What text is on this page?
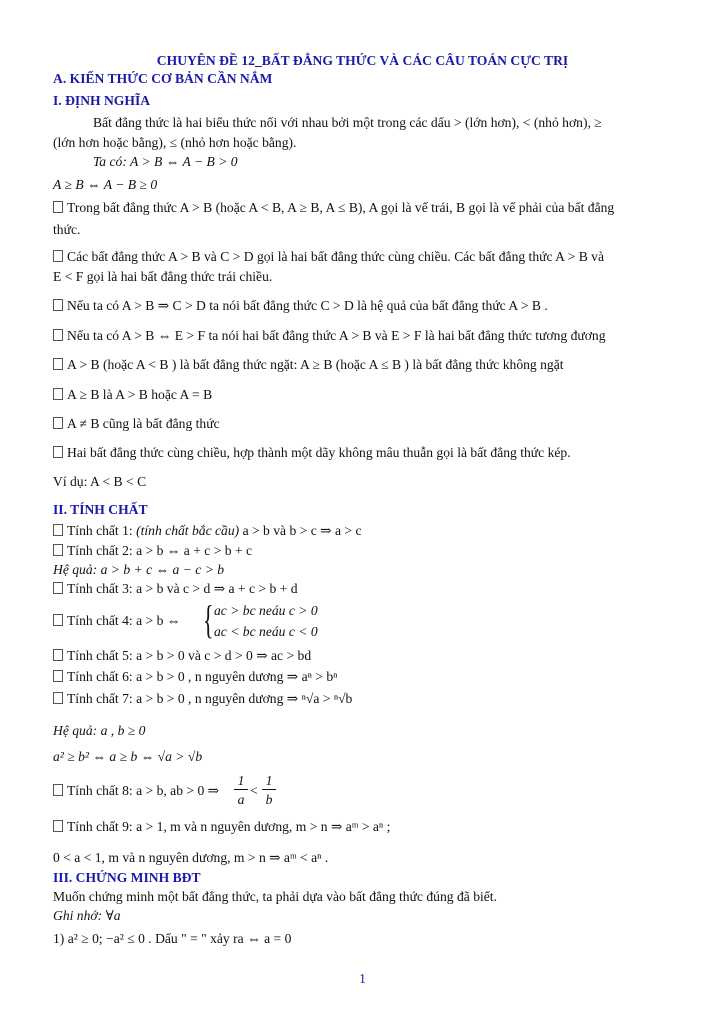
CHUYÊN ĐỀ 12_BẤT ĐẲNG THỨC VÀ CÁC CÂU TOÁN CỰC TRỊ
A. KIẾN THỨC CƠ BẢN CẦN NẮM
I. ĐỊNH NGHĨA
Bất đẳng thức là hai biểu thức nối với nhau bởi một trong các dấu > (lớn hơn), < (nhỏ hơn), ≥
(lớn hơn hoặc bằng), ≤ (nhỏ hơn hoặc bằng).
Ta có: A > B ⇔ A − B > 0
A ≥ B ⇔ A − B ≥ 0
Trong bất đẳng thức A > B (hoặc A < B, A ≥ B, A ≤ B), A gọi là vế trái, B gọi là vế phải của bất đẳng
thức.
Các bất đẳng thức A > B và C > D gọi là hai bất đẳng thức cùng chiều. Các bất đẳng thức A > B và
E < F gọi là hai bất đẳng thức trái chiều.
Nếu ta có A > B ⇒ C > D ta nói bất đẳng thức C > D là hệ quả của bất đẳng thức A > B .
Nếu ta có A > B ⇔ E > F ta nói hai bất đẳng thức A > B và E > F là hai bất đẳng thức tương đương
A > B (hoặc A < B ) là bất đẳng thức ngặt: A ≥ B (hoặc A ≤ B ) là bất đẳng thức không ngặt
A ≥ B là A > B hoặc A = B
A ≠ B cũng là bất đẳng thức
Hai bất đẳng thức cùng chiều, hợp thành một dãy không mâu thuẫn gọi là bất đẳng thức kép.
Ví dụ: A < B < C
II. TÍNH CHẤT
Tính chất 1: (tính chất bắc cầu) a > b và b > c ⇒ a > c
Tính chất 2: a > b ⇔ a + c > b + c
Hệ quả: a > b + c ⇔ a − c > b
Tính chất 3: a > b và c > d ⇒ a + c > b + d
Tính chất 4: a > b ⇔ { ac > bc neáu c > 0
ac < bc neáu c < 0
Tính chất 5: a > b > 0 và c > d > 0 ⇒ ac > bd
Tính chất 6: a > b > 0 , n nguyên dương ⇒ aⁿ > bⁿ
Tính chất 7: a > b > 0 , n nguyên dương ⇒ ⁿ√a > ⁿ√b
Hệ quả: a , b ≥ 0
a² ≥ b² ⇔ a ≥ b ⇔ √a > √b
Tính chất 8: a > b, ab > 0 ⇒
1
a
<
1
b
Tính chất 9: a > 1, m và n nguyên dương, m > n ⇒ aᵐ > aⁿ ;
0 < a < 1, m và n nguyên dương, m > n ⇒ aᵐ < aⁿ .
III. CHỨNG MINH BĐT
Muốn chứng minh một bất đẳng thức, ta phải dựa vào bất đẳng thức đúng đã biết.
Ghi nhớ: ∀a
1) a² ≥ 0; −a² ≤ 0 . Dấu " = " xảy ra ⇔ a = 0
1
